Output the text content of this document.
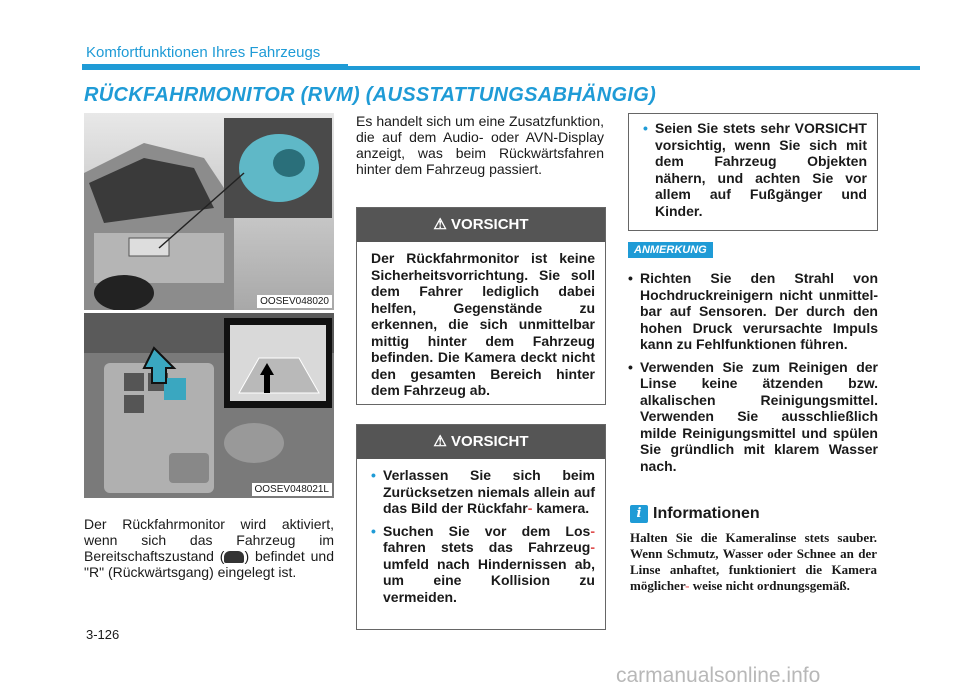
Komfortfunktionen Ihres Fahrzeugs
RÜCKFAHRMONITOR (RVM) (AUSSTATTUNGSABHÄNGIG)
OOSEV048020
OOSEV048021L
Der Rückfahrmonitor wird aktiviert, wenn sich das Fahrzeug im Bereitschaftszustand ( ) befindet und "R" (Rückwärtsgang) eingelegt ist.
Es handelt sich um eine Zusatzfunktion, die auf dem Audio- oder AVN-Display anzeigt, was beim Rückwärtsfahren hinter dem Fahrzeug passiert.
⚠ VORSICHT
Der Rückfahrmonitor ist keine Sicherheitsvorrichtung. Sie soll dem Fahrer lediglich dabei helfen, Gegenstände zu erkennen, die sich unmittelbar mittig hinter dem Fahrzeug befinden. Die Kamera deckt nicht den gesamten Bereich hinter dem Fahrzeug ab.
⚠ VORSICHT
• Verlassen Sie sich beim Zurücksetzen niemals allein auf das Bild der Rückfahr- kamera.
• Suchen Sie vor dem Los- fahren stets das Fahrzeug- umfeld nach Hindernissen ab, um eine Kollision zu vermeiden.
• Seien Sie stets sehr VORSICHT vorsichtig, wenn Sie sich mit dem Fahrzeug Objekten nähern, und achten Sie vor allem auf Fußgänger und Kinder.
ANMERKUNG
• Richten Sie den Strahl von Hochdruckreinigern nicht unmittel-bar auf Sensoren. Der durch den hohen Druck verursachte Impuls kann zu Fehlfunktionen führen.
• Verwenden Sie zum Reinigen der Linse keine ätzenden bzw. alkalischen Reinigungsmittel. Verwenden Sie ausschließlich milde Reinigungsmittel und spülen Sie gründlich mit klarem Wasser nach.
i Informationen
Halten Sie die Kameralinse stets sauber. Wenn Schmutz, Wasser oder Schnee an der Linse anhaftet, funktioniert die Kamera möglicher- weise nicht ordnungsgemäß.
3-126
carmanualsonline.info
